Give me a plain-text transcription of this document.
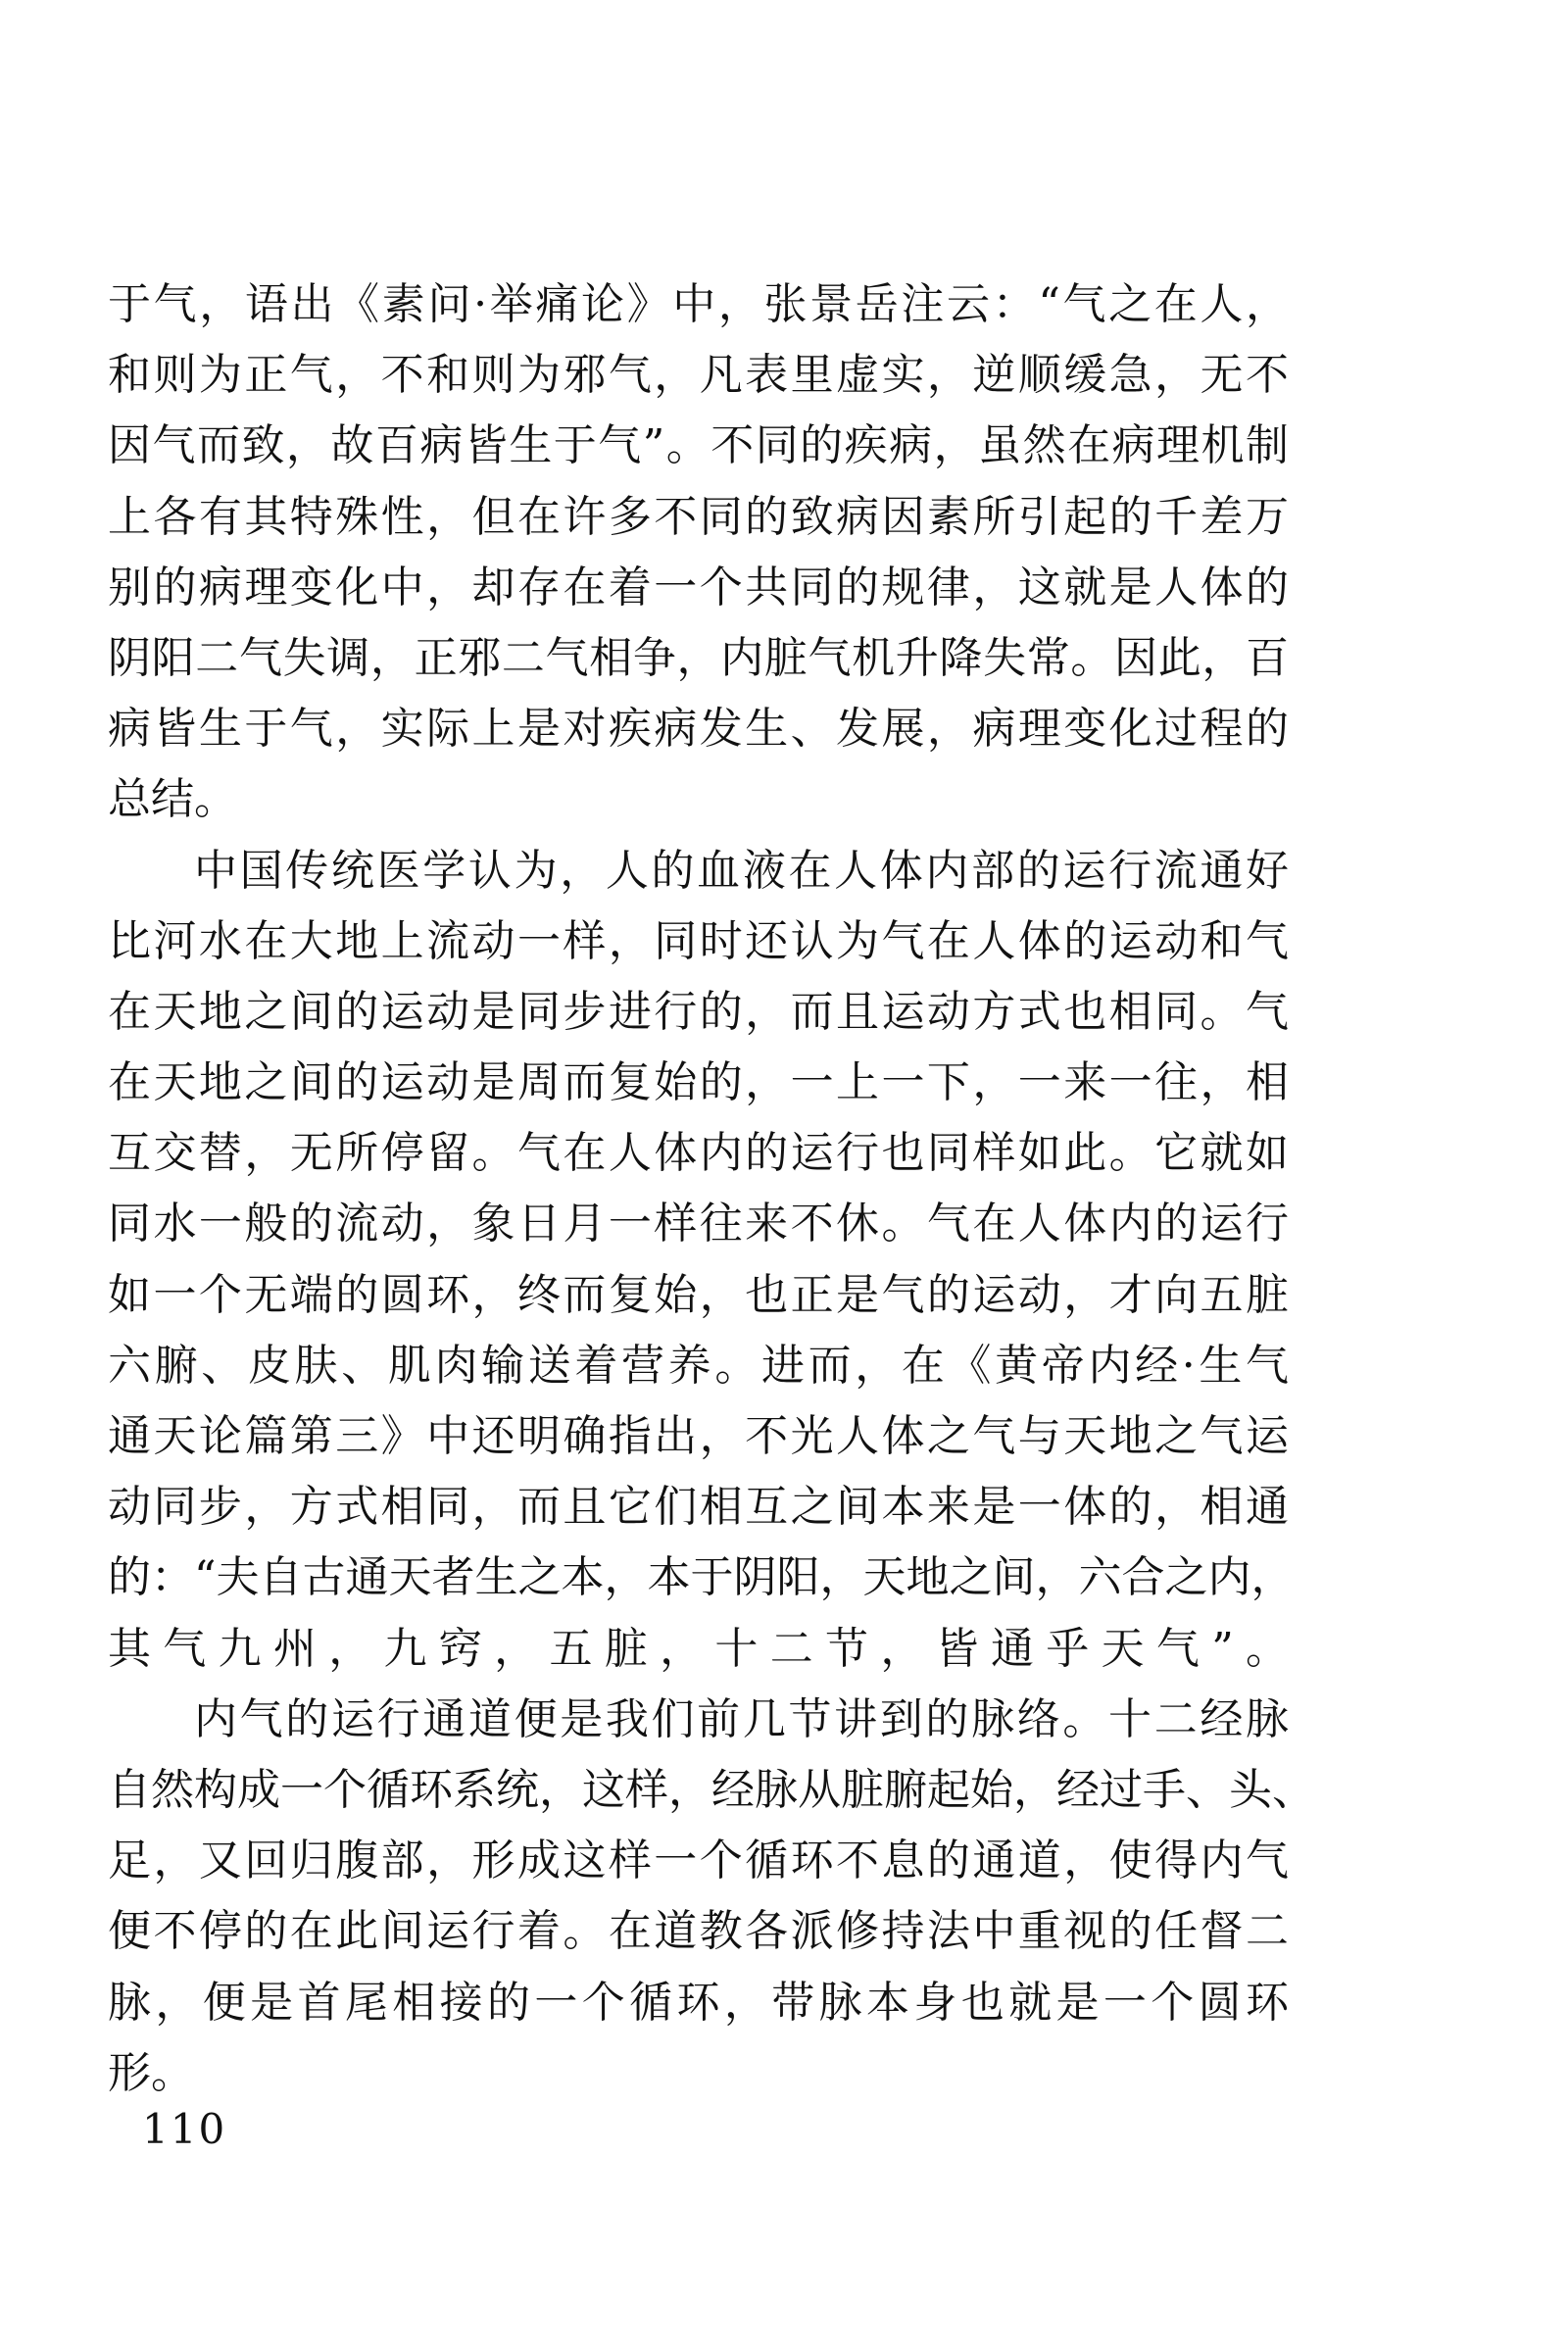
于气，语出《素问·举痛论》中，张景岳注云：“气之在人，
和则为正气，不和则为邪气，凡表里虚实，逆顺缓急，无不
因气而致，故百病皆生于气”。不同的疾病，虽然在病理机制
上各有其特殊性，但在许多不同的致病因素所引起的千差万
别的病理变化中，却存在着一个共同的规律，这就是人体的
阴阳二气失调，正邪二气相争，内脏气机升降失常。因此，百
病皆生于气，实际上是对疾病发生、发展，病理变化过程的
总结。
中国传统医学认为，人的血液在人体内部的运行流通好
比河水在大地上流动一样，同时还认为气在人体的运动和气
在天地之间的运动是同步进行的，而且运动方式也相同。气
在天地之间的运动是周而复始的，一上一下，一来一往，相
互交替，无所停留。气在人体内的运行也同样如此。它就如
同水一般的流动，象日月一样往来不休。气在人体内的运行
如一个无端的圆环，终而复始，也正是气的运动，才向五脏
六腑、皮肤、肌肉输送着营养。进而，在《黄帝内经·生气
通天论篇第三》中还明确指出，不光人体之气与天地之气运
动同步，方式相同，而且它们相互之间本来是一体的，相通
的：“夫自古通天者生之本，本于阴阳，天地之间，六合之内，
其气九州，九窍，五脏，十二节，皆通乎天气”。
内气的运行通道便是我们前几节讲到的脉络。十二经脉
自然构成一个循环系统，这样，经脉从脏腑起始，经过手、头、
足，又回归腹部，形成这样一个循环不息的通道，使得内气
便不停的在此间运行着。在道教各派修持法中重视的任督二
脉，便是首尾相接的一个循环，带脉本身也就是一个圆环
形。
110
